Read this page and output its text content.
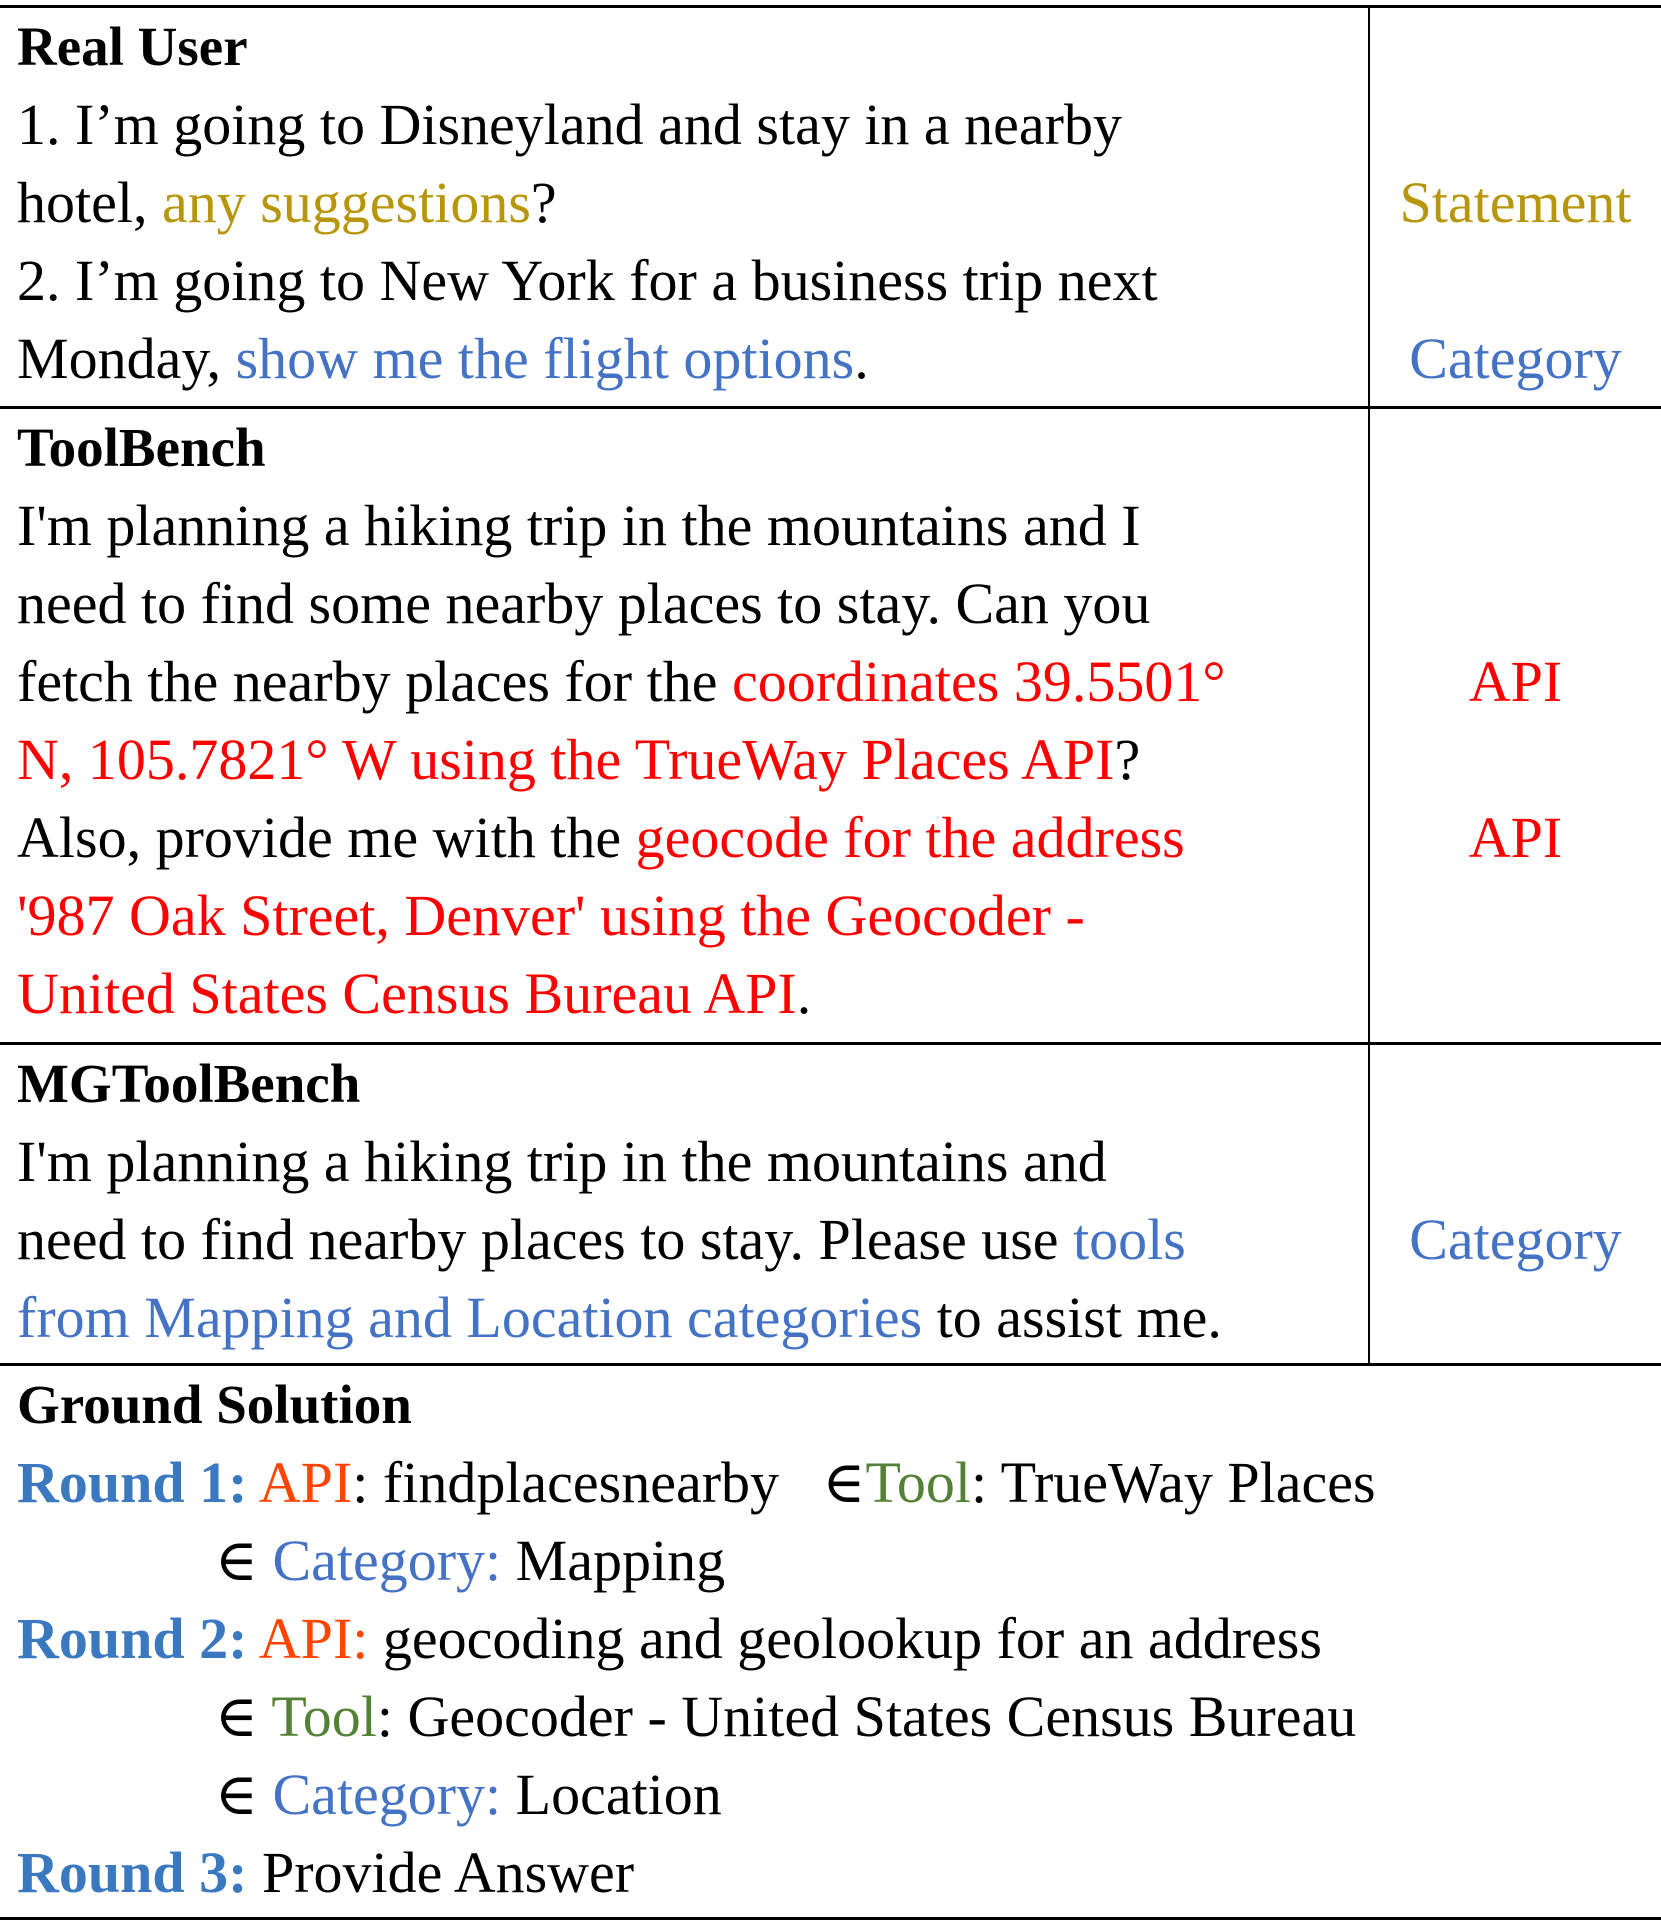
Real User
1. I’m going to Disneyland and stay in a nearby
hotel, any suggestions?
2. I’m going to New York for a business trip next
Monday, show me the flight options.
Statement
Category
ToolBench
I'm planning a hiking trip in the mountains and I
need to find some nearby places to stay. Can you
fetch the nearby places for the coordinates 39.5501°
N, 105.7821° W using the TrueWay Places API?
Also, provide me with the geocode for the address
'987 Oak Street, Denver' using the Geocoder -
United States Census Bureau API.
API
API
MGToolBench
I'm planning a hiking trip in the mountains and
need to find nearby places to stay. Please use tools
from Mapping and Location categories to assist me.
Category
Ground Solution
Round 1: API: findplacesnearby ∈Tool: TrueWay Places
∈ Category: Mapping
Round 2: API: geocoding and geolookup for an address
∈ Tool: Geocoder - United States Census Bureau
∈ Category: Location
Round 3: Provide Answer
